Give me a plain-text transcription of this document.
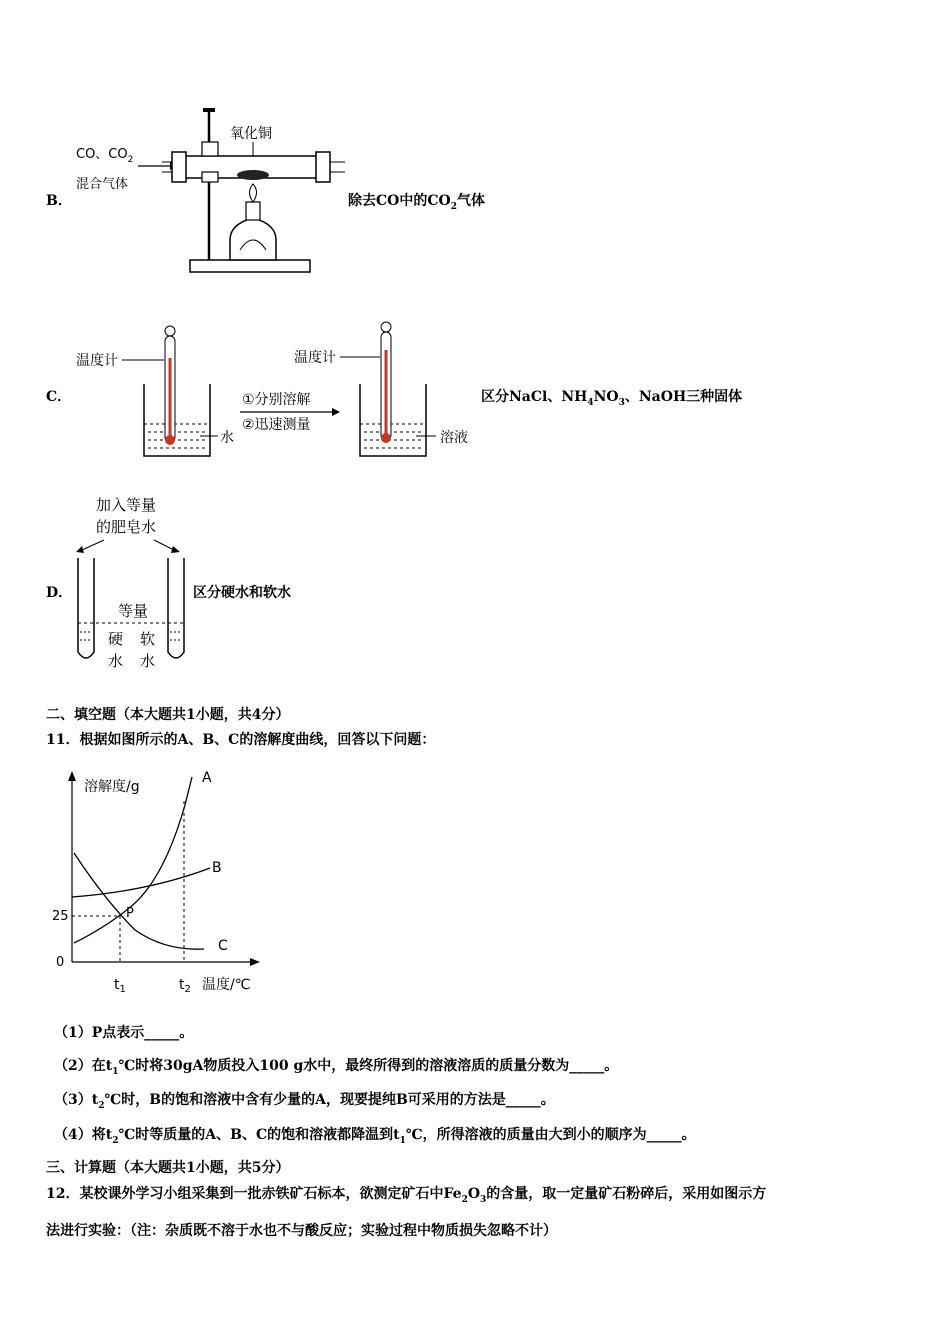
B．
CO、$CO_2$
混合气体
氧化铜
除去CO中的$CO_2$气体
C．
温度计
水
①分别溶解
②迅速测量
温度计
溶液
区分NaCl、$NH_4NO_3$、NaOH三种固体
D．
加入等量
的肥皂水
等量
硬
水
软
水
区分硬水和软水
二、填空题（本大题共1小题，共4分）
11．根据如图所示的A、B、C的溶解度曲线，回答以下问题：
溶解度/g
温度/℃
25
0
$t_1$	$t_2$
A
B
C
P
（1）P点表示_____。
（2）在$t_1℃$时将30gA物质投入100 g水中，最终所得到的溶液溶质的质量分数为_____。
$(3)t_2℃$时，B的饱和溶液中含有少量的A，现要提纯B可采用的方法是_____。
（4）将$t_2℃$时等质量的A、B、C的饱和溶液都降温到$t_1℃$，所得溶液的质量由大到小的顺序为_____。
三、计算题（本大题共1小题，共5分）
12．某校课外学习小组采集到一批赤铁矿石标本，欲测定矿石中$Fe_2O_3$的含量，取一定量矿石粉碎后，采用如图示方
法进行实验：（注：杂质既不溶于水也不与酸反应；实验过程中物质损失忽略不计）
